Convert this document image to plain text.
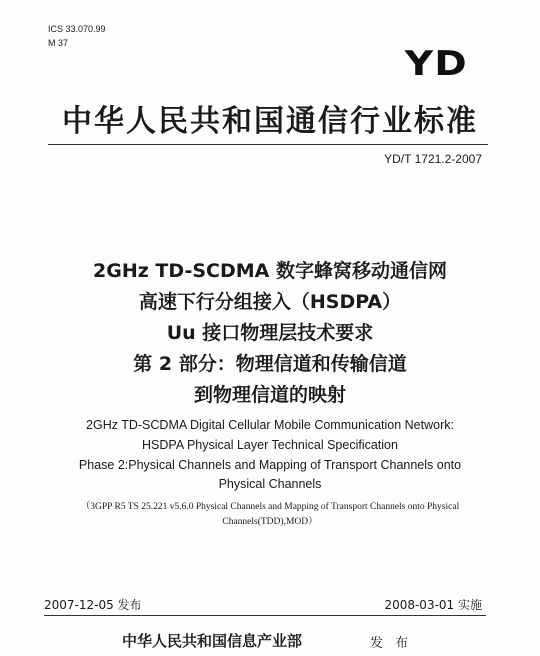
ICS 33.070.99
M 37
YD
中华人民共和国通信行业标准
YD/T 1721.2-2007
2GHz TD-SCDMA 数字蜂窝移动通信网
高速下行分组接入（HSDPA）
Uu 接口物理层技术要求
第 2 部分：物理信道和传输信道
到物理信道的映射
2GHz TD-SCDMA Digital Cellular Mobile Communication Network:
HSDPA Physical Layer Technical Specification
Phase 2:Physical Channels and Mapping of Transport Channels onto
Physical Channels
（3GPP R5 TS 25.221 v5.6.0 Physical Channels and Mapping of Transport Channels onto Physical
Channels(TDD),MOD）
2007-12-05 发布	2008-03-01 实施
中华人民共和国信息产业部	发 布
